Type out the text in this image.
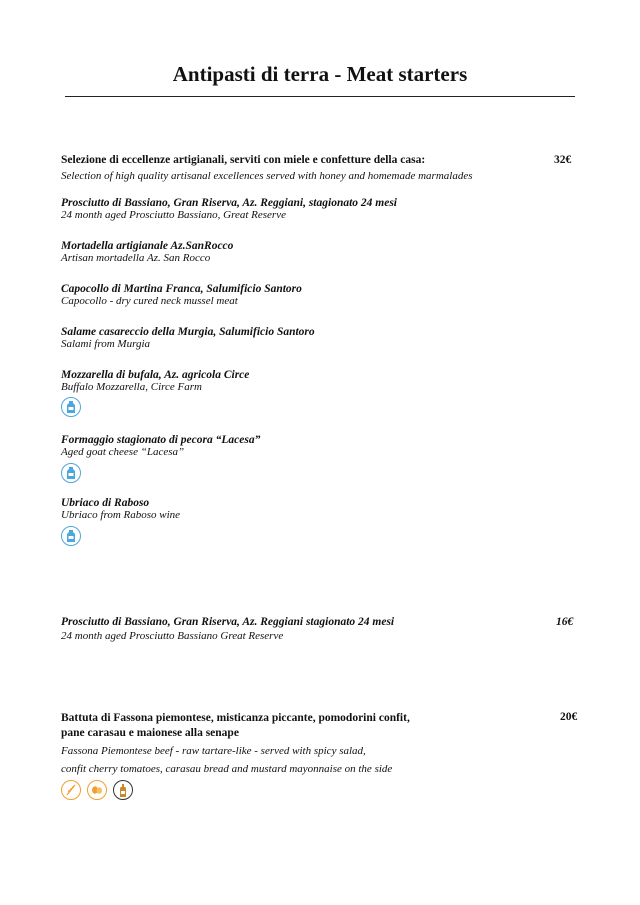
Antipasti di terra - Meat starters

Selezione di eccellenze artigianali, serviti con miele e confetture della casa:

Selection of high quality artisanal excellences served with honey and homemade marmalades

32€

Prosciutto di Bassiano, Gran Riserva, Az. Reggiani, stagionato 24 mesi

24 month aged Prosciutto Bassiano, Great Reserve

Mortadella artigianale Az.SanRocco

Artisan mortadella Az. San Rocco

Capocollo di Martina Franca, Salumificio Santoro

Capocollo - dry cured neck mussel meat

Salame casareccio della Murgia, Salumificio Santoro

Salami from Murgia

Mozzarella di bufala, Az. agricola Circe

Buffalo Mozzarella, Circe Farm

Formaggio stagionato di pecora “Lacesa”

Aged goat cheese “Lacesa”

Ubriaco di Raboso

Ubriaco from Raboso wine

Prosciutto di Bassiano, Gran Riserva, Az. Reggiani stagionato 24 mesi

24 month aged Prosciutto Bassiano Great Reserve

16€

Battuta di Fassona piemontese, misticanza piccante, pomodorini confit,

pane carasau e maionese alla senape

Fassona Piemontese beef - raw tartare-like - served with spicy salad,

confit cherry tomatoes, carasau bread and mustard mayonnaise on the side

20€
